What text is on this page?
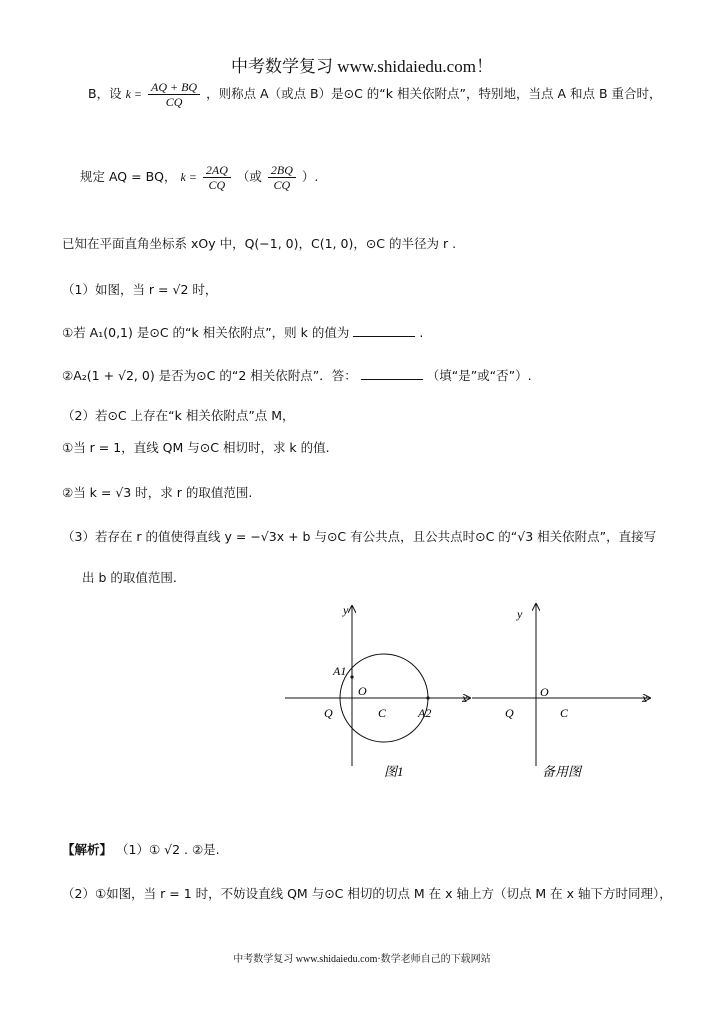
中考数学复习 www.shidaiedu.com！
B，设 $k = \frac{AQ + BQ}{CQ}$ ，则称点 A（或点 B）是⊙C 的“k 相关依附点”，特别地，当点 A 和点 B 重合时，
规定 AQ = BQ， $k = \frac{2AQ}{CQ}$ （或 $\frac{2BQ}{CQ}$ ）.
已知在平面直角坐标系 xOy 中，Q(−1, 0)，C(1, 0)，⊙C 的半径为 r .
（1）如图，当 r = √2 时，
①若 A₁(0,1) 是⊙C 的“k 相关依附点”，则 k 的值为	.
②A₂(1 + √2, 0) 是否为⊙C 的“2 相关依附点”．答：	（填“是”或“否”）.
（2）若⊙C 上存在“k 相关依附点”点 M，
①当 r = 1，直线 QM 与⊙C 相切时，求 k 的值.
②当 k = √3 时，求 r 的取值范围.
（3）若存在 r 的值使得直线 y = −√3x + b 与⊙C 有公共点，且公共点时⊙C 的“√3 相关依附点”，直接写
出 b 的取值范围.
y
x
O
Q	C
A1
A2
图1
y
x
O
Q	C
备用图
【解析】 （1）① √2 . ②是.
（2）①如图，当 r = 1 时，不妨设直线 QM 与⊙C 相切的切点 M 在 x 轴上方（切点 M 在 x 轴下方时同理），
中考数学复习 www.shidaiedu.com·数学老师自己的下载网站
